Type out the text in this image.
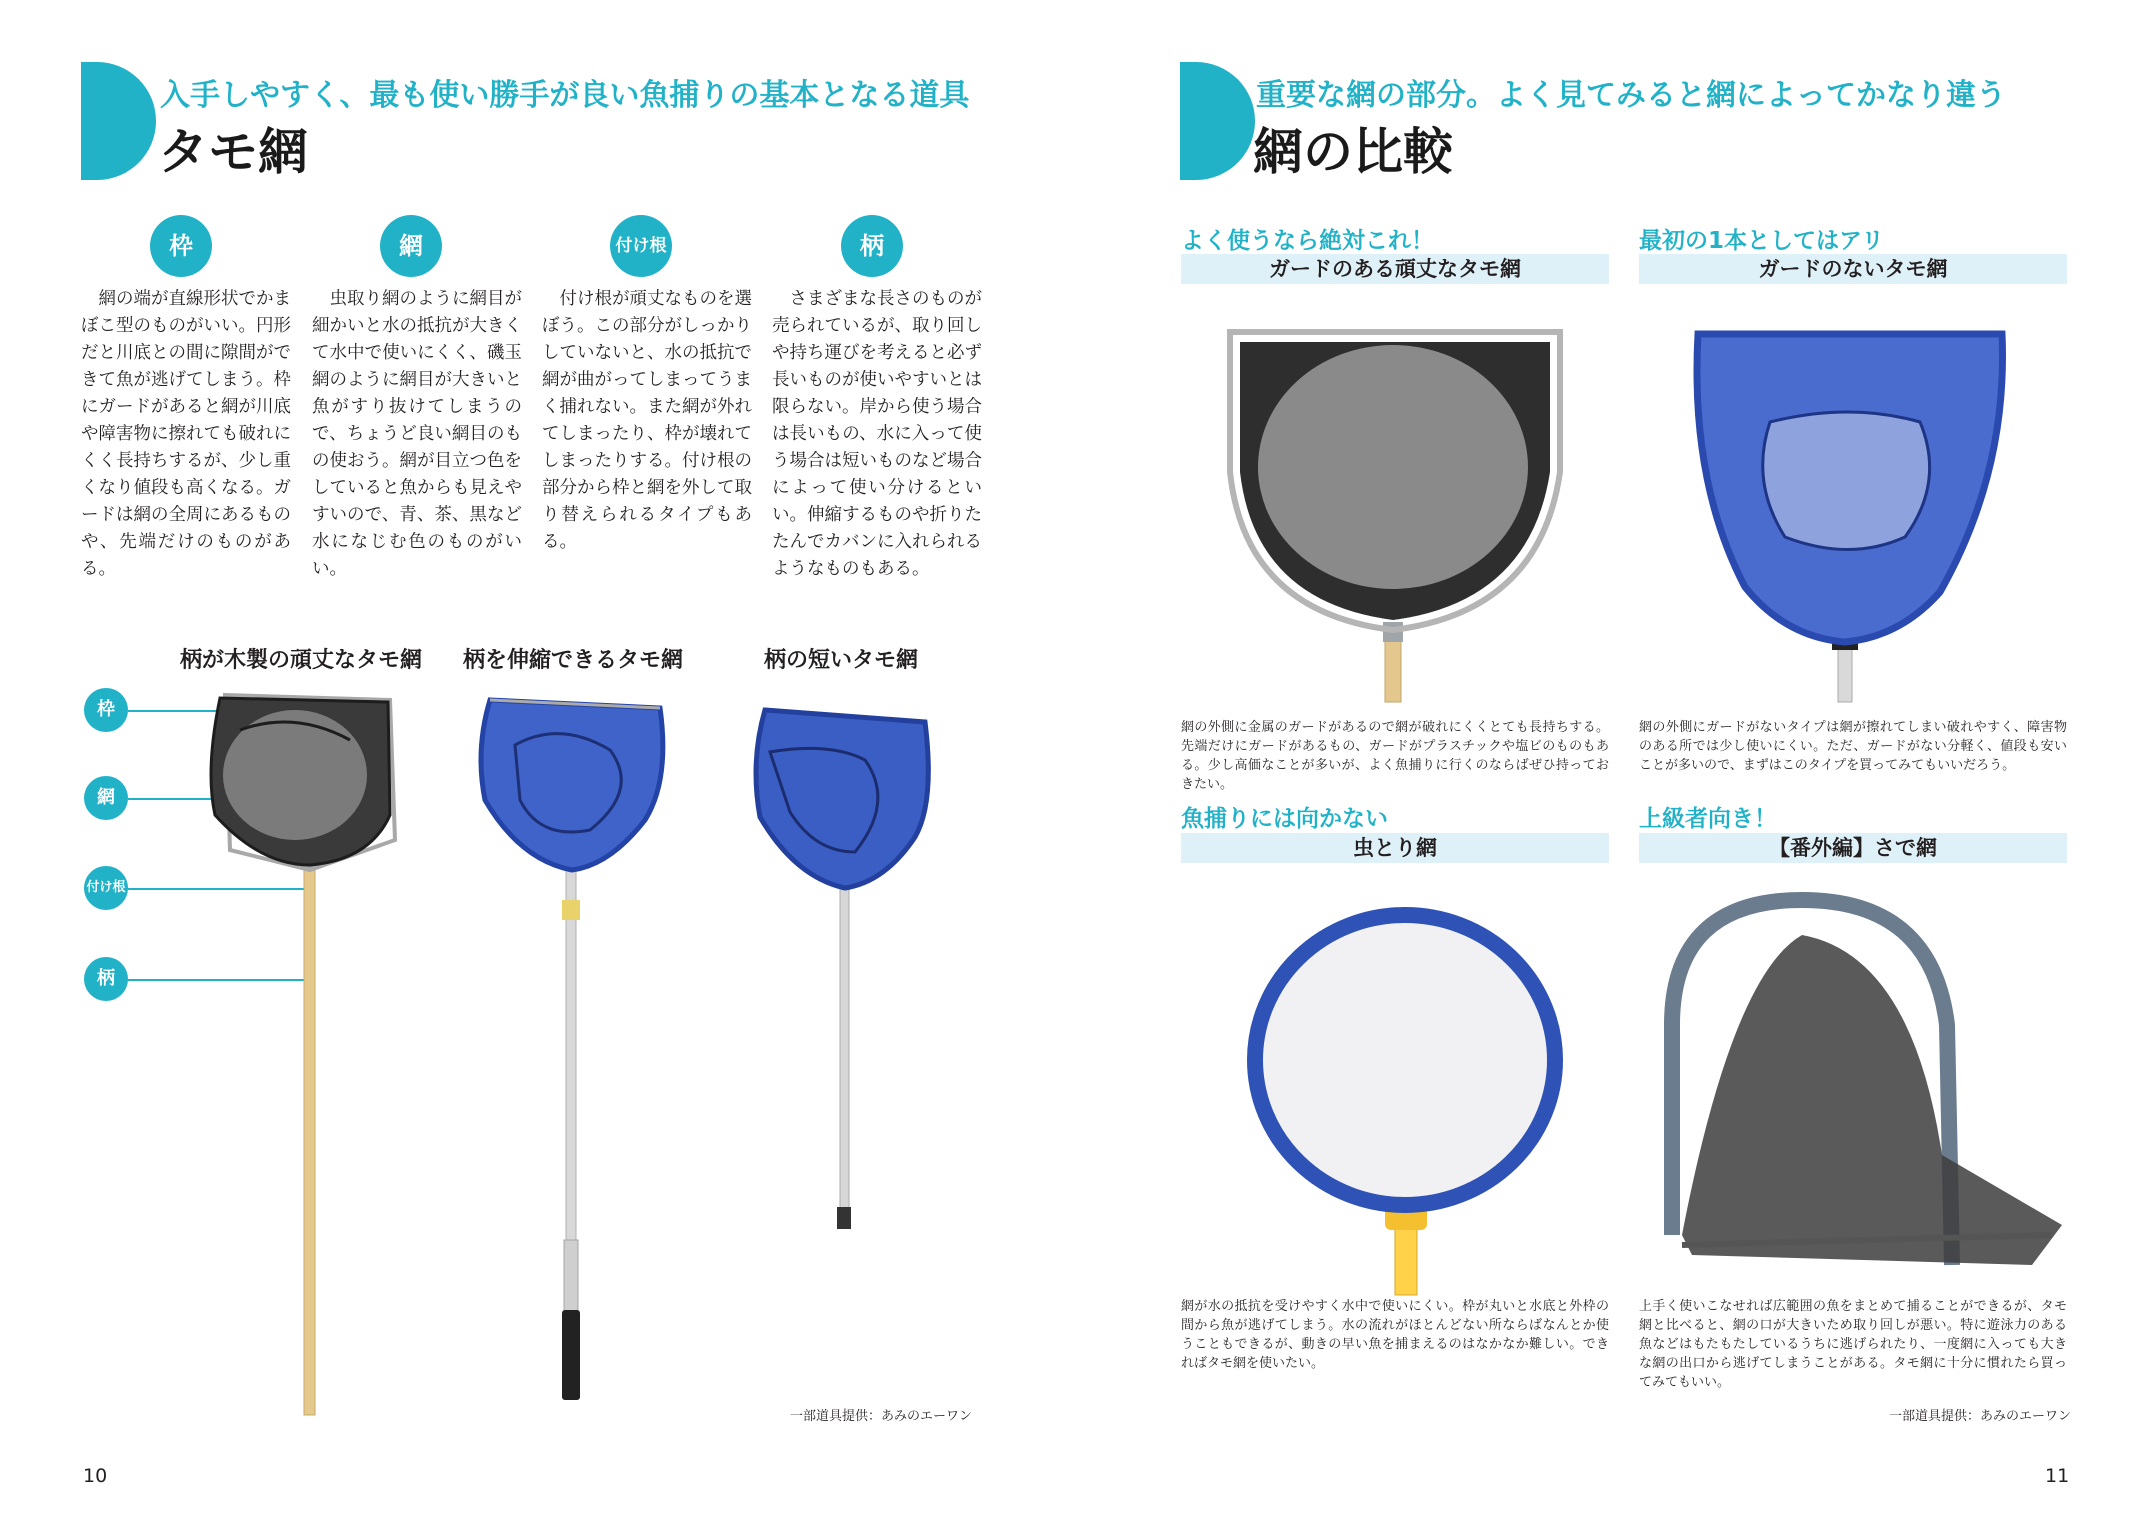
入手しやすく、最も使い勝手が良い魚捕りの基本となる道具
タモ網
枠	網	付け根	柄
網の端が直線形状でかまぼこ型のものがいい。円形だと川底との間に隙間ができて魚が逃げてしまう。枠にガードがあると網が川底や障害物に擦れても破れにくく長持ちするが、少し重くなり値段も高くなる。ガードは網の全周にあるものや、先端だけのものがある。
虫取り網のように網目が細かいと水の抵抗が大きくて水中で使いにくく、磯玉網のように網目が大きいと魚がすり抜けてしまうので、ちょうど良い網目のもの使おう。網が目立つ色をしていると魚からも見えやすいので、青、茶、黒など水になじむ色のものがいい。
付け根が頑丈なものを選ぼう。この部分がしっかりしていないと、水の抵抗で網が曲がってしまってうまく捕れない。また網が外れてしまったり、枠が壊れてしまったりする。付け根の部分から枠と網を外して取り替えられるタイプもある。
さまざまな長さのものが売られているが、取り回しや持ち運びを考えると必ず長いものが使いやすいとは限らない。岸から使う場合は長いもの、水に入って使う場合は短いものなど場合によって使い分けるといい。伸縮するものや折りたたんでカバンに入れられるようなものもある。
柄が木製の頑丈なタモ網 柄を伸縮できるタモ網	柄の短いタモ網
枠
網
付け根
柄
一部道具提供：あみのエーワン
10
重要な網の部分。よく見てみると網によってかなり違う
網の比較
よく使うなら絶対これ！
ガードのある頑丈なタモ網
網の外側に金属のガードがあるので網が破れにくくとても長持ちする。先端だけにガードがあるもの、ガードがプラスチックや塩ビのものもある。少し高価なことが多いが、よく魚捕りに行くのならばぜひ持っておきたい。
最初の1本としてはアリ
ガードのないタモ網
網の外側にガードがないタイプは網が擦れてしまい破れやすく、障害物のある所では少し使いにくい。ただ、ガードがない分軽く、値段も安いことが多いので、まずはこのタイプを買ってみてもいいだろう。
魚捕りには向かない
虫とり網
網が水の抵抗を受けやすく水中で使いにくい。枠が丸いと水底と外枠の間から魚が逃げてしまう。水の流れがほとんどない所ならばなんとか使うこともできるが、動きの早い魚を捕まえるのはなかなか難しい。できればタモ網を使いたい。
上級者向き！
【番外編】さで網
上手く使いこなせれば広範囲の魚をまとめて捕ることができるが、タモ網と比べると、網の口が大きいため取り回しが悪い。特に遊泳力のある魚などはもたもたしているうちに逃げられたり、一度網に入っても大きな網の出口から逃げてしまうことがある。タモ網に十分に慣れたら買ってみてもいい。
一部道具提供：あみのエーワン
11
